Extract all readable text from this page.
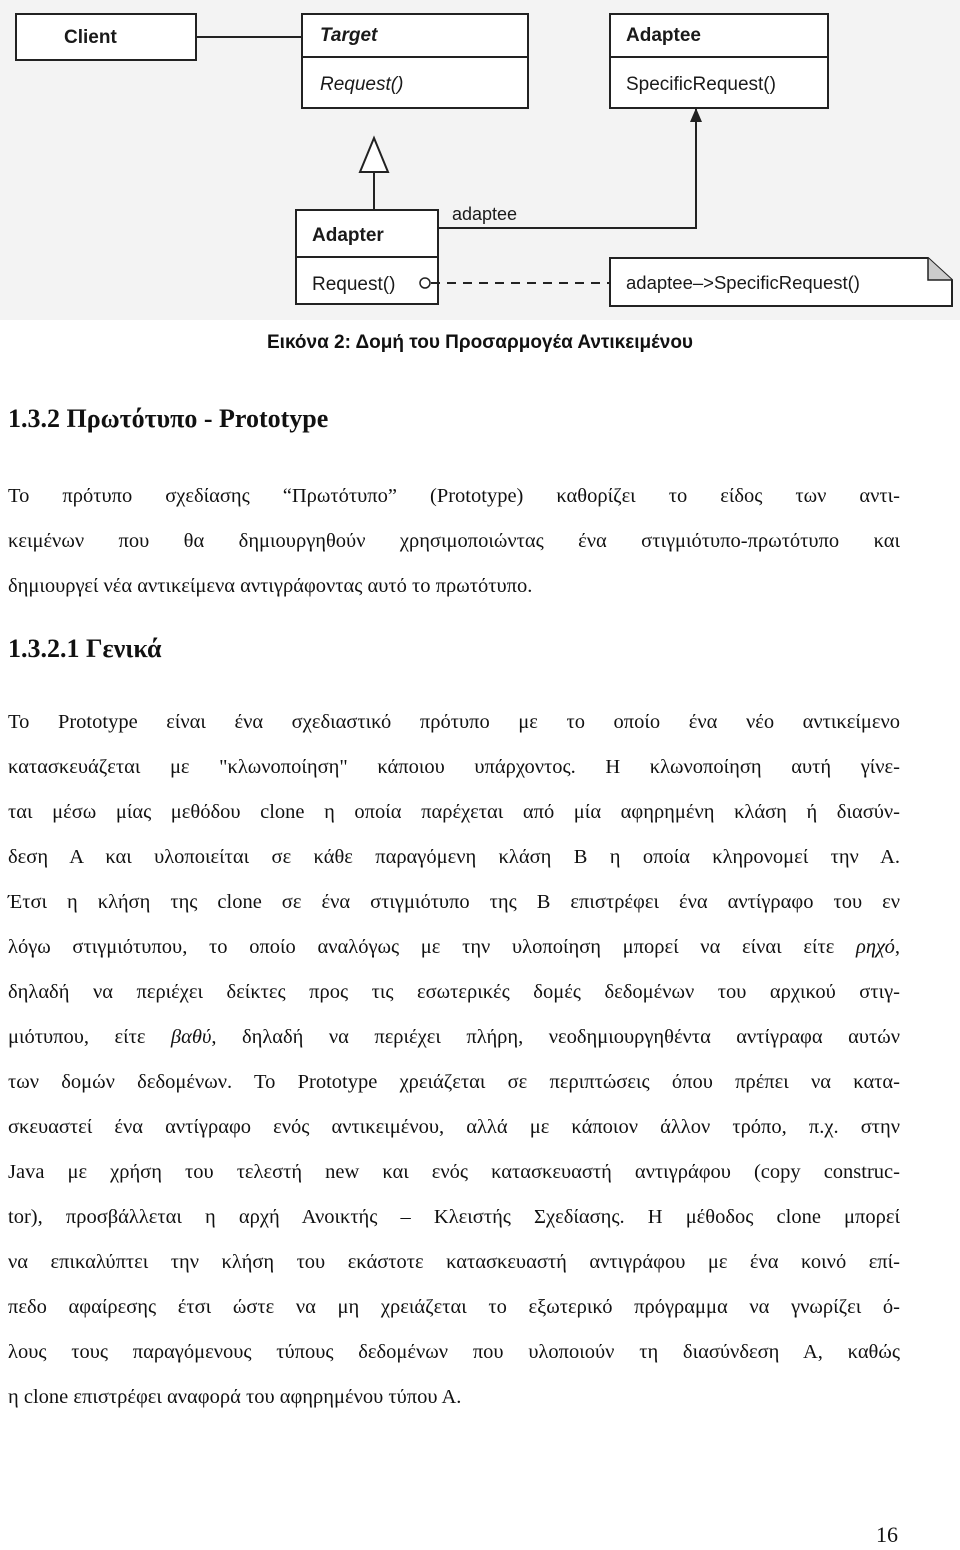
Client	Target
Request()
Adaptee
SpecificRequest()
Adapter
Request()
adaptee
adaptee–>SpecificRequest()
Εικόνα 2: Δομή του Προσαρμογέα Αντικειμένου
1.3.2 Πρωτότυπο - Prototype

Το πρότυπο σχεδίασης “Πρωτότυπο” (Prototype) καθορίζει το είδος των αντι-
κειμένων που θα δημιουργηθούν χρησιμοποιώντας ένα στιγμιότυπο-πρωτότυπο και
δημιουργεί νέα αντικείμενα αντιγράφοντας αυτό το πρωτότυπο.

1.3.2.1 Γενικά

Το Prototype είναι ένα σχεδιαστικό πρότυπο με το οποίο ένα νέο αντικείμενο
κατασκευάζεται με "κλωνοποίηση" κάποιου υπάρχοντος. Η κλωνοποίηση αυτή γίνε-
ται μέσω μίας μεθόδου clone η οποία παρέχεται από μία αφηρημένη κλάση ή διασύν-
δεση Α και υλοποιείται σε κάθε παραγόμενη κλάση Β η οποία κληρονομεί την Α.
Έτσι η κλήση της clone σε ένα στιγμιότυπο της Β επιστρέφει ένα αντίγραφο του εν
λόγω στιγμιότυπου, το οποίο αναλόγως με την υλοποίηση μπορεί να είναι είτε ρηχό,
δηλαδή να περιέχει δείκτες προς τις εσωτερικές δομές δεδομένων του αρχικού στιγ-
μιότυπου, είτε βαθύ, δηλαδή να περιέχει πλήρη, νεοδημιουργηθέντα αντίγραφα αυτών
των δομών δεδομένων. Το Prototype χρειάζεται σε περιπτώσεις όπου πρέπει να κατα-
σκευαστεί ένα αντίγραφο ενός αντικειμένου, αλλά με κάποιον άλλον τρόπο, π.χ. στην
Java με χρήση του τελεστή new και ενός κατασκευαστή αντιγράφου (copy construc-
tor), προσβάλλεται η αρχή Ανοικτής – Κλειστής Σχεδίασης. Η μέθοδος clone μπορεί
να επικαλύπτει την κλήση του εκάστοτε κατασκευαστή αντιγράφου με ένα κοινό επί-
πεδο αφαίρεσης έτσι ώστε να μη χρειάζεται το εξωτερικό πρόγραμμα να γνωρίζει ό-
λους τους παραγόμενους τύπους δεδομένων που υλοποιούν τη διασύνδεση Α, καθώς
η clone επιστρέφει αναφορά του αφηρημένου τύπου Α.

16
